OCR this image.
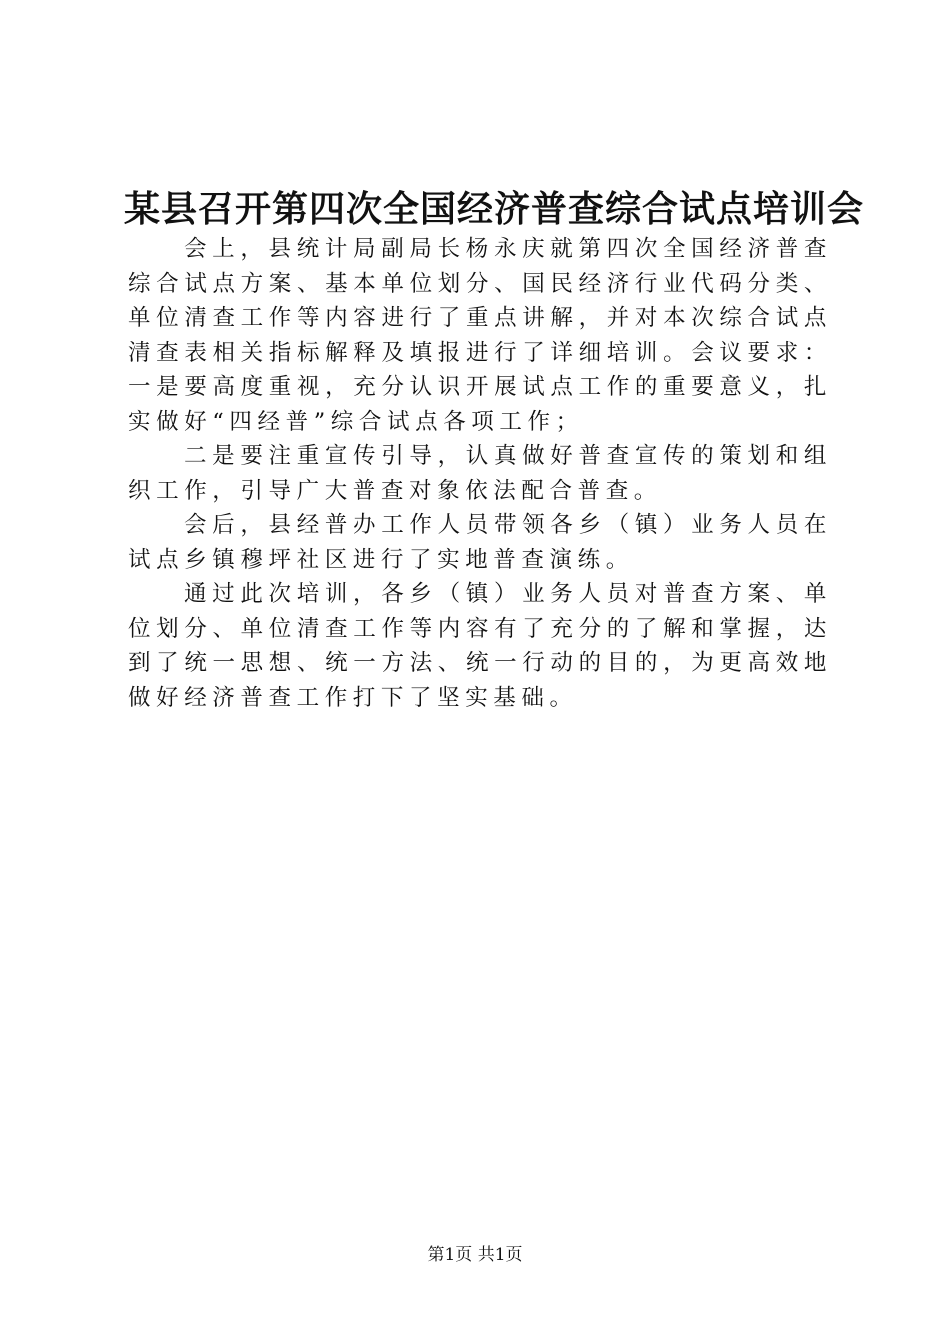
某县召开第四次全国经济普查综合试点培训会

会上，县统计局副局长杨永庆就第四次全国经济普查综合试点方案、基本单位划分、国民经济行业代码分类、单位清查工作等内容进行了重点讲解，并对本次综合试点清查表相关指标解释及填报进行了详细培训。会议要求：一是要高度重视，充分认识开展试点工作的重要意义，扎实做好“四经普”综合试点各项工作；

二是要注重宣传引导，认真做好普查宣传的策划和组织工作，引导广大普查对象依法配合普查。

会后，县经普办工作人员带领各乡（镇）业务人员在试点乡镇穆坪社区进行了实地普查演练。

通过此次培训，各乡（镇）业务人员对普查方案、单位划分、单位清查工作等内容有了充分的了解和掌握，达到了统一思想、统一方法、统一行动的目的，为更高效地做好经济普查工作打下了坚实基础。

第1页 共1页
